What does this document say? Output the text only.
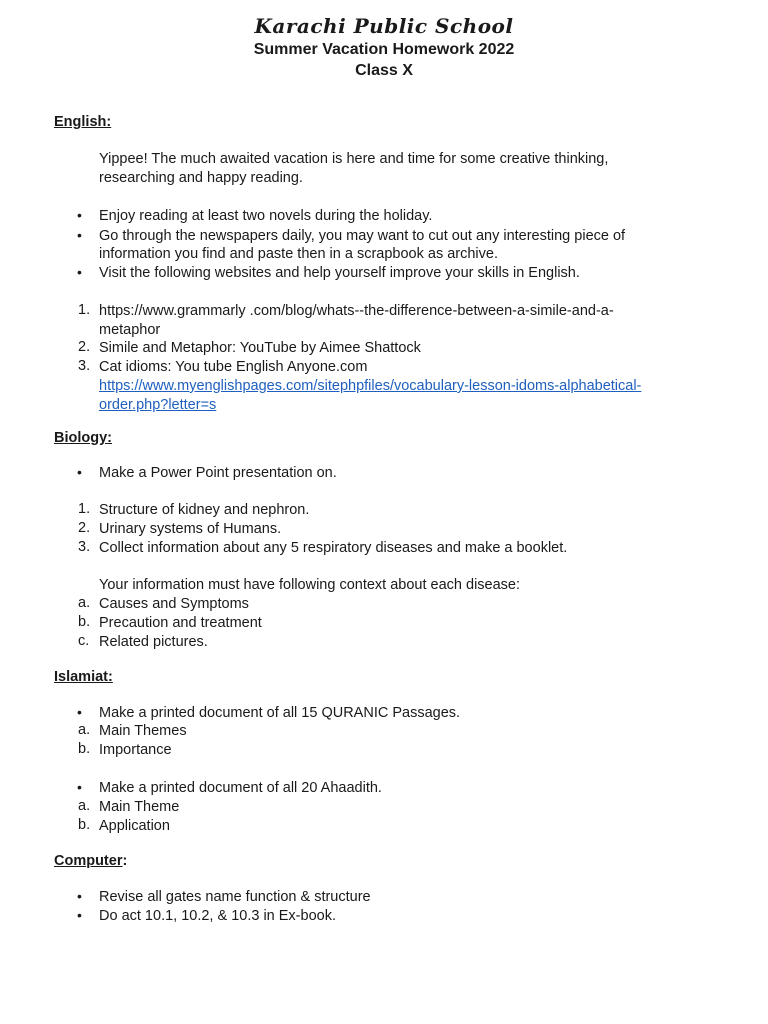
Karachi Public School
Summer Vacation Homework 2022
Class X
English:
Yippee! The much awaited vacation is here and time for some creative thinking,
researching and happy reading.
• Enjoy reading at least two novels during the holiday.
• Go through the newspapers daily, you may want to cut out any interesting piece of
information you find and paste then in a scrapbook as archive.
• Visit the following websites and help yourself improve your skills in English.
1. https://www.grammarly .com/blog/whats--the-difference-between-a-simile-and-a-
metaphor
2. Simile and Metaphor: YouTube by Aimee Shattock
3. Cat idioms: You tube English Anyone.com
https://www.myenglishpages.com/sitephpfiles/vocabulary-lesson-idoms-alphabetical-
order.php?letter=s
Biology:
• Make a Power Point presentation on.
1. Structure of kidney and nephron.
2. Urinary systems of Humans.
3. Collect information about any 5 respiratory diseases and make a booklet.
Your information must have following context about each disease:
a. Causes and Symptoms
b. Precaution and treatment
c. Related pictures.
Islamiat:
• Make a printed document of all 15 QURANIC Passages.
a. Main Themes
b. Importance
• Make a printed document of all 20 Ahaadith.
a. Main Theme
b. Application
Computer:
• Revise all gates name function & structure
• Do act 10.1, 10.2, & 10.3 in Ex-book.
